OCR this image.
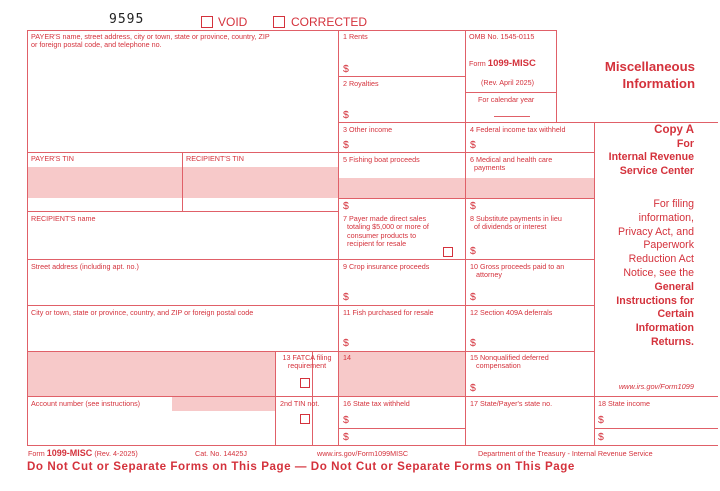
9595	VOID	CORRECTED
PAYER'S name, street address, city or town, state or province, country, ZIP
or foreign postal code, and telephone no.
PAYER'S TIN	RECIPIENT'S TIN
RECIPIENT'S name
Street address (including apt. no.)
City or town, state or province, country, and ZIP or foreign postal code
Account number (see instructions)
13 FATCA filing
requirement
2nd TIN not.
1 Rents
$
2 Royalties
$
3 Other income
$
5 Fishing boat proceeds
$
7 Payer made direct sales
totaling $5,000 or more of
consumer products to
recipient for resale
9 Crop insurance proceeds
$
11 Fish purchased for resale
$
14
16 State tax withheld
$
$
OMB No. 1545-0115
Form 1099-MISC
(Rev. April 2025)
For calendar year
4 Federal income tax withheld
$
6 Medical and health care
payments
$
8 Substitute payments in lieu
of dividends or interest
$
10 Gross proceeds paid to an
attorney
$
12 Section 409A deferrals
$
15 Nonqualified deferred
compensation
$
17 State/Payer's state no.
Miscellaneous
Information
Copy A
For
Internal Revenue
Service Center
For filing
information,
Privacy Act, and
Paperwork
Reduction Act
Notice, see the
General
Instructions for
Certain
Information
Returns.
www.irs.gov/Form1099
18 State income
$
$
Form 1099-MISC (Rev. 4-2025)	Cat. No. 14425J	www.irs.gov/Form1099MISC	Department of the Treasury - Internal Revenue Service
Do Not Cut or Separate Forms on This Page — Do Not Cut or Separate Forms on This Page
